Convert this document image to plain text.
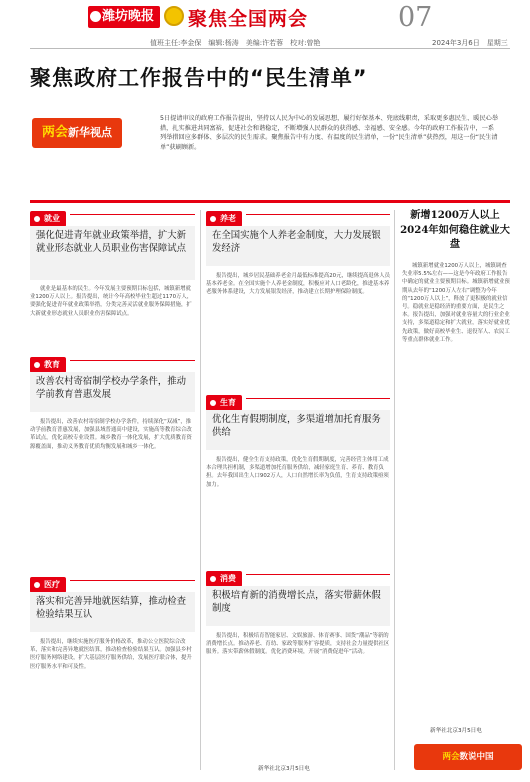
潍坊晚报	聚焦全国两会	07
值班主任:李金保　编辑:杨涛　美编:许若蓉　校对:曾艳	2024年3月6日　星期三
聚焦政府工作报告中的“民生清单”
两会新华视点
5日提请审议的政府工作报告提出，坚持以人民为中心的发展思想，履行好保基本、兜底线职责，采取更多惠民生、暖民心举措，扎实推进共同富裕，促进社会和谐稳定，不断增强人民群众的获得感、幸福感、安全感。今年的政府工作报告中，一系列举措回应多群体、多层次的民生需求。聚焦报告中有力度、有温度的民生清单，一份“民生清单”获热烈，用这一份“民生清单”获刷顾新。
就业
强化促进青年就业政策举措，扩大新就业形态就业人员职业伤害保障试点
就业是最基本的民生。今年发展主要预期目标包括，城镇新增就业1200万人以上。报告提出，统计今年高校毕业生超过1170万人，要强化促进青年就业政策举措，分类完善灵活就业服务保障措施，扩大新就业形态就业人员职业伤害保障试点。
教育
改善农村寄宿制学校办学条件，推动学前教育普惠发展
报告提出，改善农村寄宿制学校办学条件，持续深化“双减”，推动学前教育普惠发展，加强县域普通高中建设，实施高等教育综合改革试点，优化高校专业设置。城乡教育一体化发展，扩大优质教育资源覆盖面，推动义务教育优质均衡发展和城乡一体化。
医疗
落实和完善异地就医结算，推动检查检验结果互认
报告提出，继续实施医疗服务价格改革，推动公立医院综合改革，落实和完善异地就医结算，推动检查检验结果互认。加强县乡村医疗服务网络建设，扩大基层医疗服务供给，发展医疗联合体，提升医疗服务水平和可及性。
养老
在全国实施个人养老金制度，大力发展银发经济
报告提出，城乡居民基础养老金月最低标准提高20元，继续提高退休人员基本养老金。在全国实施个人养老金制度，积极应对人口老龄化，推进基本养老服务体系建设，大力发展银发经济，推动建立长期护理保险制度。
生育
优化生育假期制度，多渠道增加托育服务供给
报告提出，健全生育支持政策，优化生育假期制度，完善经营主体用工成本合理共担机制，多渠道增加托育服务供给，减轻家庭生育、养育、教育负担。去年我国出生人口902万人，人口自然增长率为负值，生育支持政策亟须加力。
消费
积极培育新的消费增长点，落实带薪休假制度
报告提出，积极培育智能家居、文娱旅游、体育赛事、国货“潮品”等新的消费增长点。推动养老、育幼、家政等服务扩容提质，支持社会力量提供社区服务。落实带薪休假制度。优化消费环境，开展“消费促进年”活动。
新华社北京3月5日电
新增1200万人以上 2024年如何稳住就业大盘
城镇新增就业1200万人以上，城镇调查失业率5.5%左右——这是今年政府工作报告中确定的就业主要预期目标。城镇新增就业预期从去年的“1200万人左右”调整为今年的“1200万人以上”，释放了更积极的就业信号。稳就业是稳经济的重要方面，是民生之本。报告提出，加强对就业容量大的行业企业支持，多渠道稳定和扩大就业，落实好就业优先政策，做好高校毕业生、退役军人、农民工等重点群体就业工作。
新华社北京3月5日电
两会数说中国
